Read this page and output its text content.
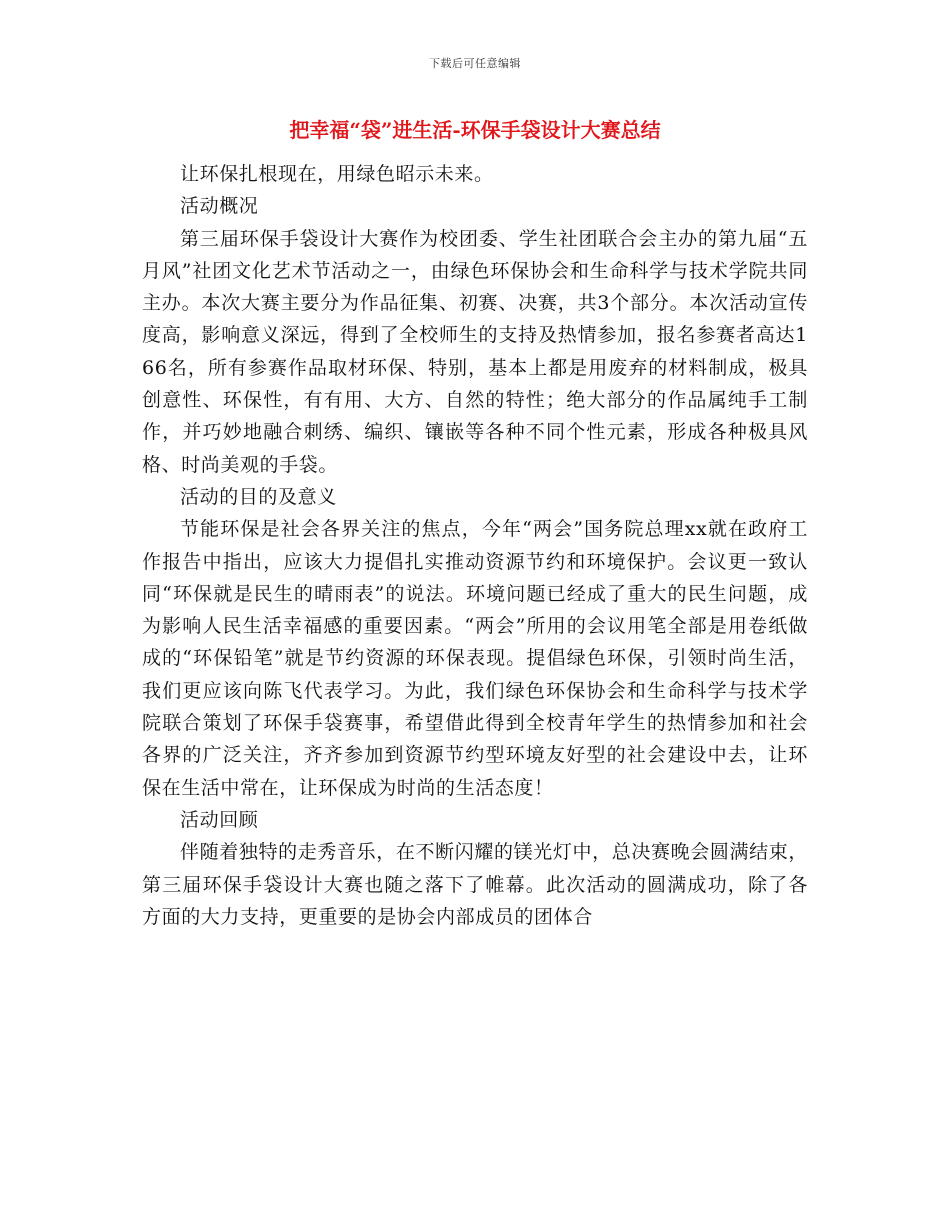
下载后可任意编辑
把幸福“袋”进生活-环保手袋设计大赛总结

让环保扎根现在，用绿色昭示未来。

活动概况

第三届环保手袋设计大赛作为校团委、学生社团联合会主办的第九届“五月风”社团文化艺术节活动之一，由绿色环保协会和生命科学与技术学院共同主办。本次大赛主要分为作品征集、初赛、决赛，共3个部分。本次活动宣传度高，影响意义深远，得到了全校师生的支持及热情参加，报名参赛者高达166名，所有参赛作品取材环保、特别，基本上都是用废弃的材料制成，极具创意性、环保性，有有用、大方、自然的特性；绝大部分的作品属纯手工制作，并巧妙地融合刺绣、编织、镶嵌等各种不同个性元素，形成各种极具风格、时尚美观的手袋。

活动的目的及意义

节能环保是社会各界关注的焦点，今年“两会”国务院总理xx就在政府工作报告中指出，应该大力提倡扎实推动资源节约和环境保护。会议更一致认同“环保就是民生的晴雨表”的说法。环境问题已经成了重大的民生问题，成为影响人民生活幸福感的重要因素。“两会”所用的会议用笔全部是用卷纸做成的“环保铅笔”就是节约资源的环保表现。提倡绿色环保，引领时尚生活，我们更应该向陈飞代表学习。为此，我们绿色环保协会和生命科学与技术学院联合策划了环保手袋赛事，希望借此得到全校青年学生的热情参加和社会各界的广泛关注，齐齐参加到资源节约型环境友好型的社会建设中去，让环保在生活中常在，让环保成为时尚的生活态度！

活动回顾

伴随着独特的走秀音乐，在不断闪耀的镁光灯中，总决赛晚会圆满结束，第三届环保手袋设计大赛也随之落下了帷幕。此次活动的圆满成功，除了各方面的大力支持，更重要的是协会内部成员的团体合
